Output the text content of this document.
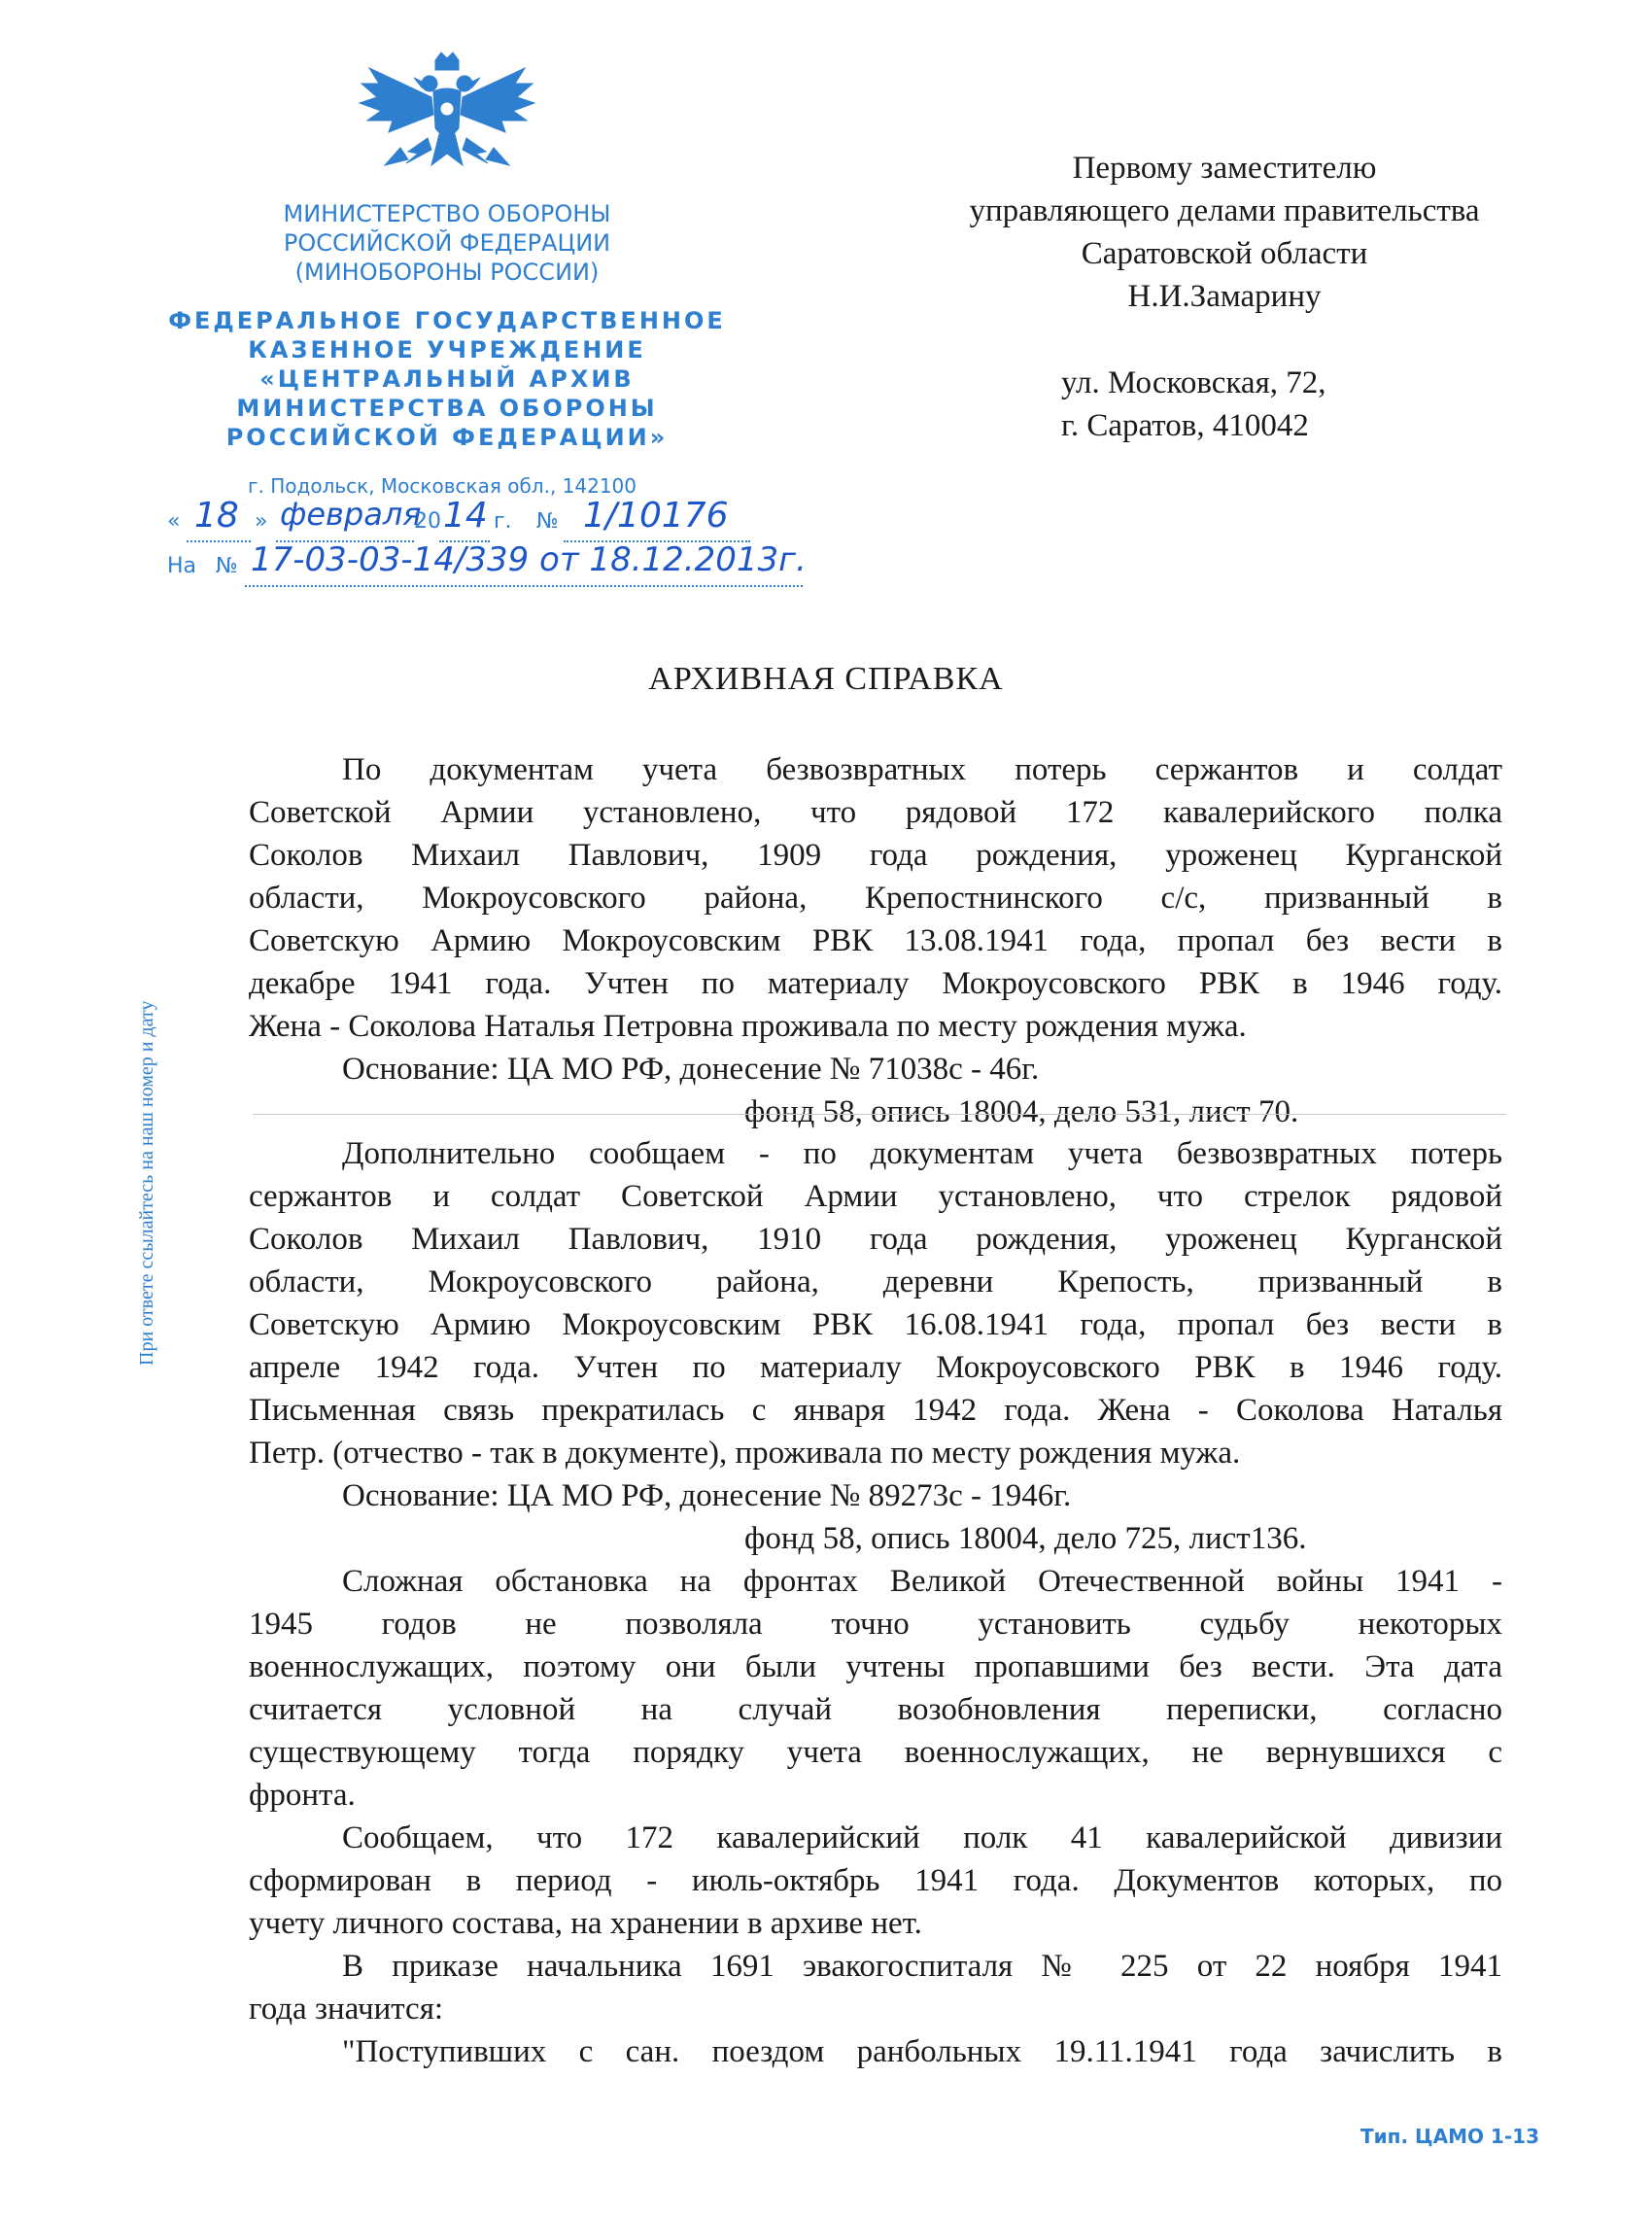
МИНИСТЕРСТВО ОБОРОНЫ
РОССИЙСКОЙ ФЕДЕРАЦИИ
(МИНОБОРОНЫ РОССИИ)
ФЕДЕРАЛЬНОЕ ГОСУДАРСТВЕННОЕ
КАЗЕННОЕ УЧРЕЖДЕНИЕ
«ЦЕНТРАЛЬНЫЙ АРХИВ
МИНИСТЕРСТВА ОБОРОНЫ
РОССИЙСКОЙ ФЕДЕРАЦИИ»
г. Подольск, Московская обл., 142100
« 18 » февраля
20 14 г. № 1/10176
На № 17-03-03-14/339 от 18.12.2013г.
Первому заместителю
управляющего делами правительства
Саратовской области
Н.И.Замарину
ул. Московская, 72,
г. Саратов, 410042
АРХИВНАЯ СПРАВКА
При ответе ссылайтесь на наш номер и дату

По документам учета безвозвратных потерь сержантов и солдат

Советской Армии установлено, что рядовой 172 кавалерийского полка

Соколов Михаил Павлович, 1909 года рождения, уроженец Курганской

области, Мокроусовского района, Крепостнинского с/с, призванный в

Советскую Армию Мокроусовским РВК 13.08.1941 года, пропал без вести в

декабре 1941 года. Учтен по материалу Мокроусовского РВК в 1946 году.

Жена - Соколова Наталья Петровна проживала по месту рождения мужа.

Основание: ЦА МО РФ, донесение № 71038с - 46г.

фонд 58, опись 18004, дело 531, лист 70.

Дополнительно сообщаем - по документам учета безвозвратных потерь

сержантов и солдат Советской Армии установлено, что стрелок рядовой

Соколов Михаил Павлович, 1910 года рождения, уроженец Курганской

области, Мокроусовского района, деревни Крепость, призванный в

Советскую Армию Мокроусовским РВК 16.08.1941 года, пропал без вести в

апреле 1942 года. Учтен по материалу Мокроусовского РВК в 1946 году.

Письменная связь прекратилась с января 1942 года. Жена - Соколова Наталья

Петр. (отчество - так в документе), проживала по месту рождения мужа.

Основание: ЦА МО РФ, донесение № 89273с - 1946г.

фонд 58, опись 18004, дело 725, лист136.

Сложная обстановка на фронтах Великой Отечественной войны 1941 -

1945 годов не позволяла точно установить судьбу некоторых

военнослужащих, поэтому они были учтены пропавшими без вести. Эта дата

считается условной на случай возобновления переписки, согласно

существующему тогда порядку учета военнослужащих, не вернувшихся с

фронта.

Сообщаем, что 172 кавалерийский полк 41 кавалерийской дивизии

сформирован в период - июль-октябрь 1941 года. Документов которых, по

учету личного состава, на хранении в архиве нет.

В приказе начальника 1691 эвакогоспиталя № 225 от 22 ноября 1941

года значится:

"Поступивших с сан. поездом ранбольных 19.11.1941 года зачислить в

Тип. ЦАМО 1-13
